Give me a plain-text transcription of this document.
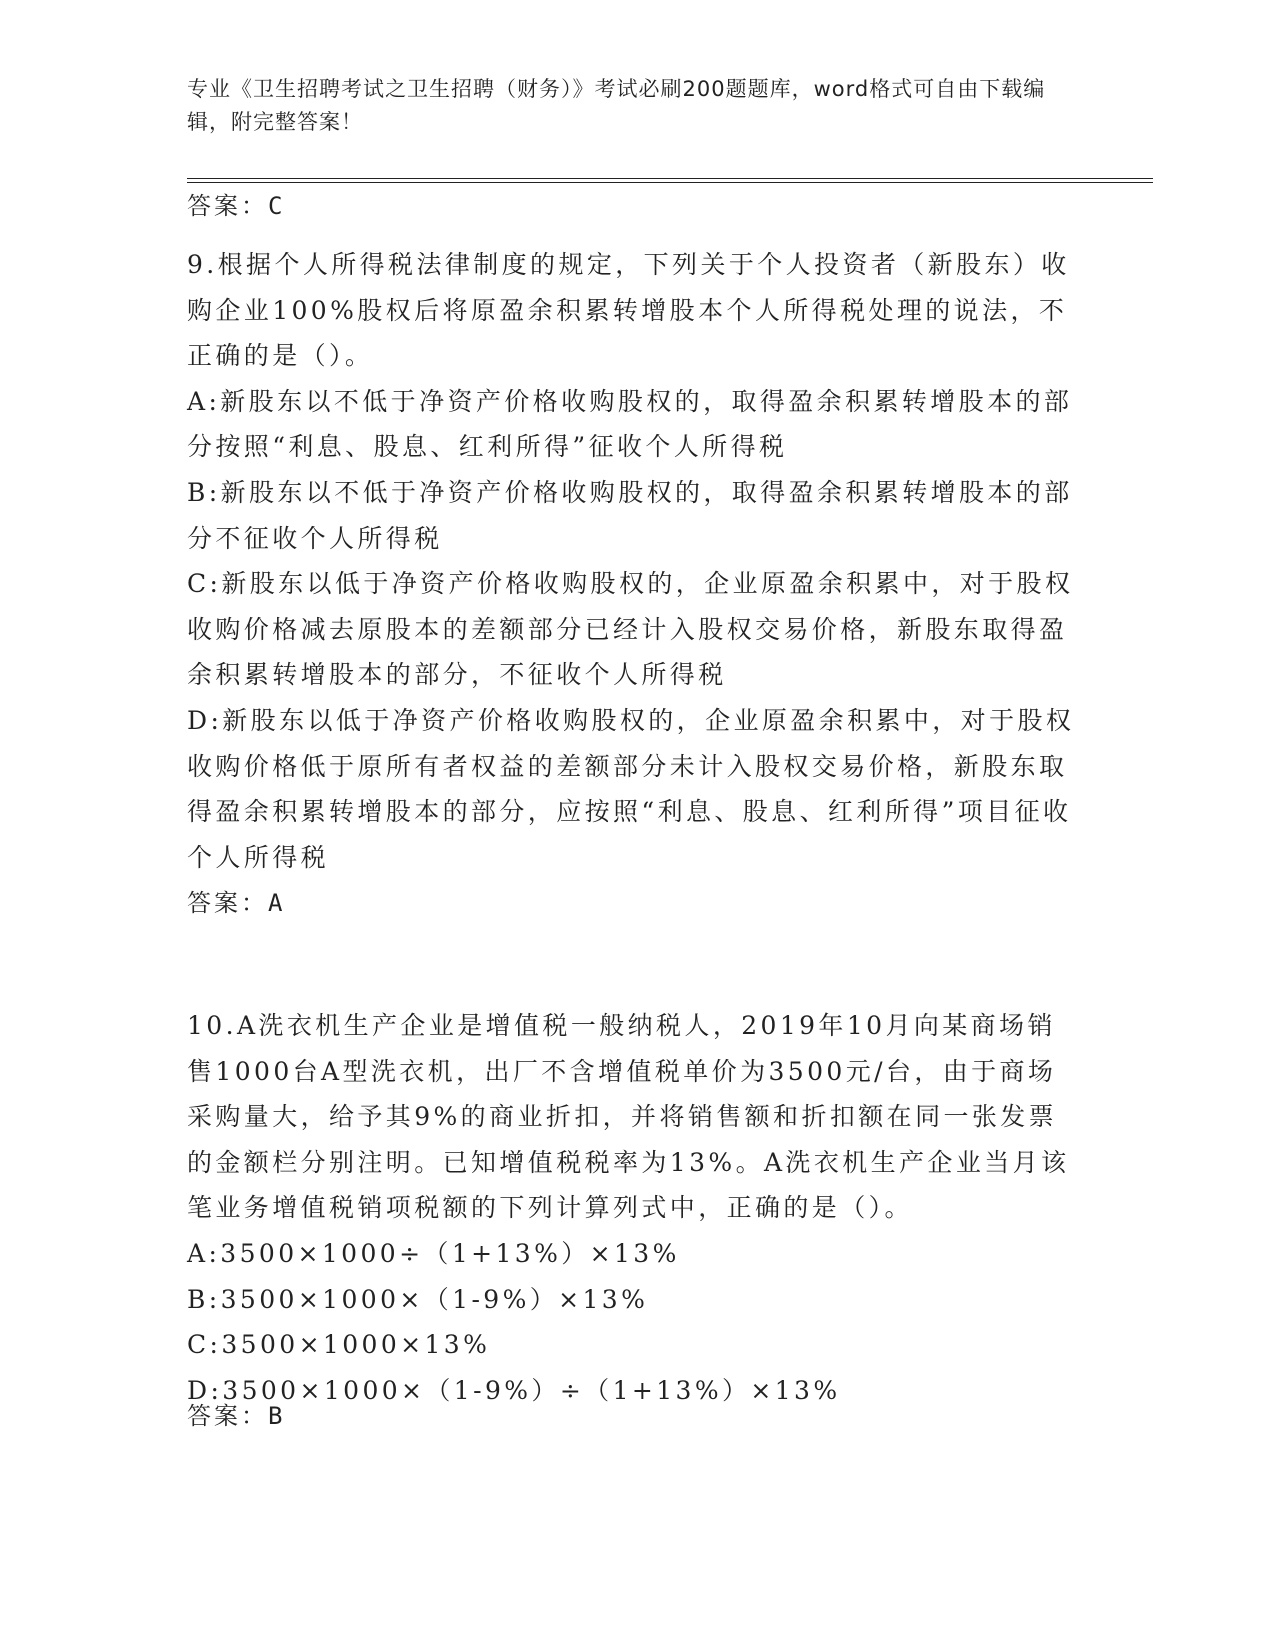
专业《卫生招聘考试之卫生招聘（财务）》考试必刷200题题库，word格式可自由下载编辑，附完整答案！
答案：C

9.根据个人所得税法律制度的规定，下列关于个人投资者（新股东）收购企业100%股权后将原盈余积累转增股本个人所得税处理的说法，不正确的是（）。

A:新股东以不低于净资产价格收购股权的，取得盈余积累转增股本的部分按照“利息、股息、红利所得”征收个人所得税

B:新股东以不低于净资产价格收购股权的，取得盈余积累转增股本的部分不征收个人所得税

C:新股东以低于净资产价格收购股权的，企业原盈余积累中，对于股权收购价格减去原股本的差额部分已经计入股权交易价格，新股东取得盈余积累转增股本的部分，不征收个人所得税

D:新股东以低于净资产价格收购股权的，企业原盈余积累中，对于股权收购价格低于原所有者权益的差额部分未计入股权交易价格，新股东取得盈余积累转增股本的部分，应按照“利息、股息、红利所得”项目征收个人所得税

答案：A

10.A洗衣机生产企业是增值税一般纳税人，2019年10月向某商场销售1000台A型洗衣机，出厂不含增值税单价为3500元/台，由于商场采购量大，给予其9%的商业折扣，并将销售额和折扣额在同一张发票的金额栏分别注明。已知增值税税率为13%。A洗衣机生产企业当月该笔业务增值税销项税额的下列计算列式中，正确的是（）。

A:3500×1000÷（1+13%）×13%

B:3500×1000×（1-9%）×13%

C:3500×1000×13%

D:3500×1000×（1-9%）÷（1+13%）×13%

答案：B
